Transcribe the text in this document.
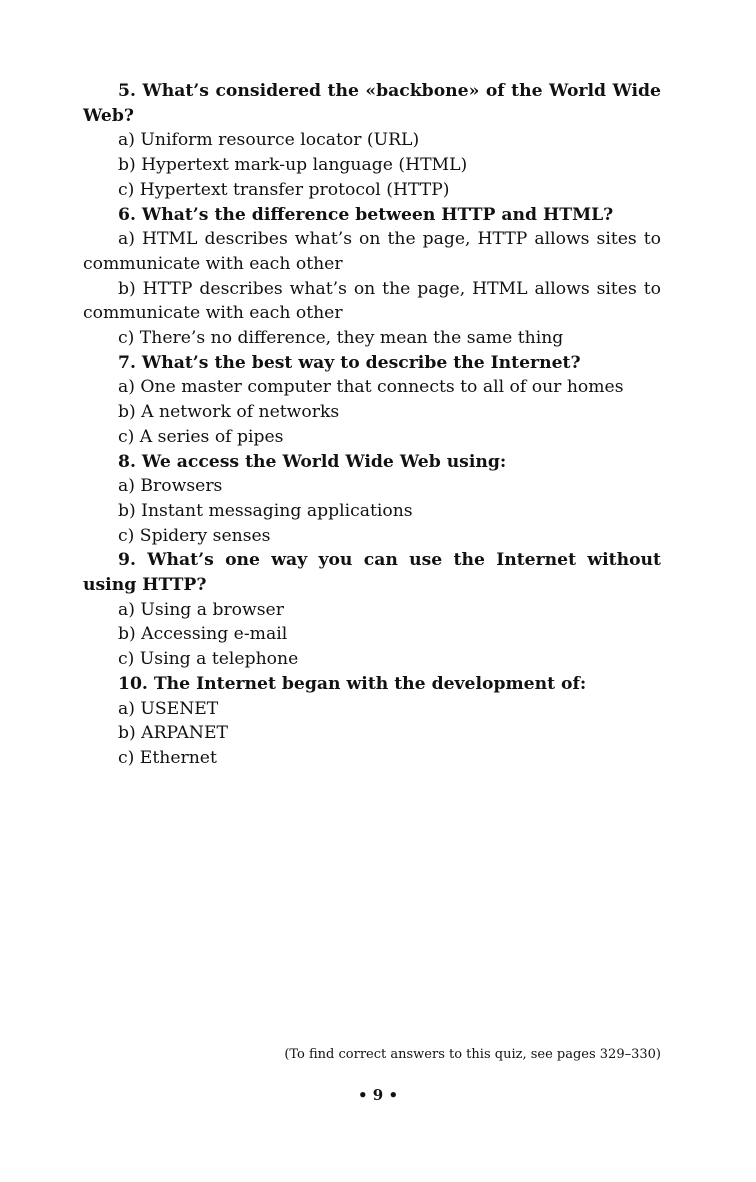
5. What’s considered the «backbone» of the World Wide Web?

a) Uniform resource locator (URL)

b) Hypertext mark-up language (HTML)

c) Hypertext transfer protocol (HTTP)

6. What’s the difference between HTTP and HTML?

a) HTML describes what’s on the page, HTTP allows sites to communicate with each other

b) HTTP describes what’s on the page, HTML allows sites to communicate with each other

c) There’s no difference, they mean the same thing

7. What’s the best way to describe the Internet?

a) One master computer that connects to all of our homes

b) A network of networks

c) A series of pipes

8. We access the World Wide Web using:

a) Browsers

b) Instant messaging applications

c) Spidery senses

9. What’s one way you can use the Internet without using HTTP?

a) Using a browser

b) Accessing e-mail

c) Using a telephone

10. The Internet began with the development of:

a) USENET

b) ARPANET

c) Ethernet

(To find correct answers to this quiz, see pages 329–330)

• 9 •
